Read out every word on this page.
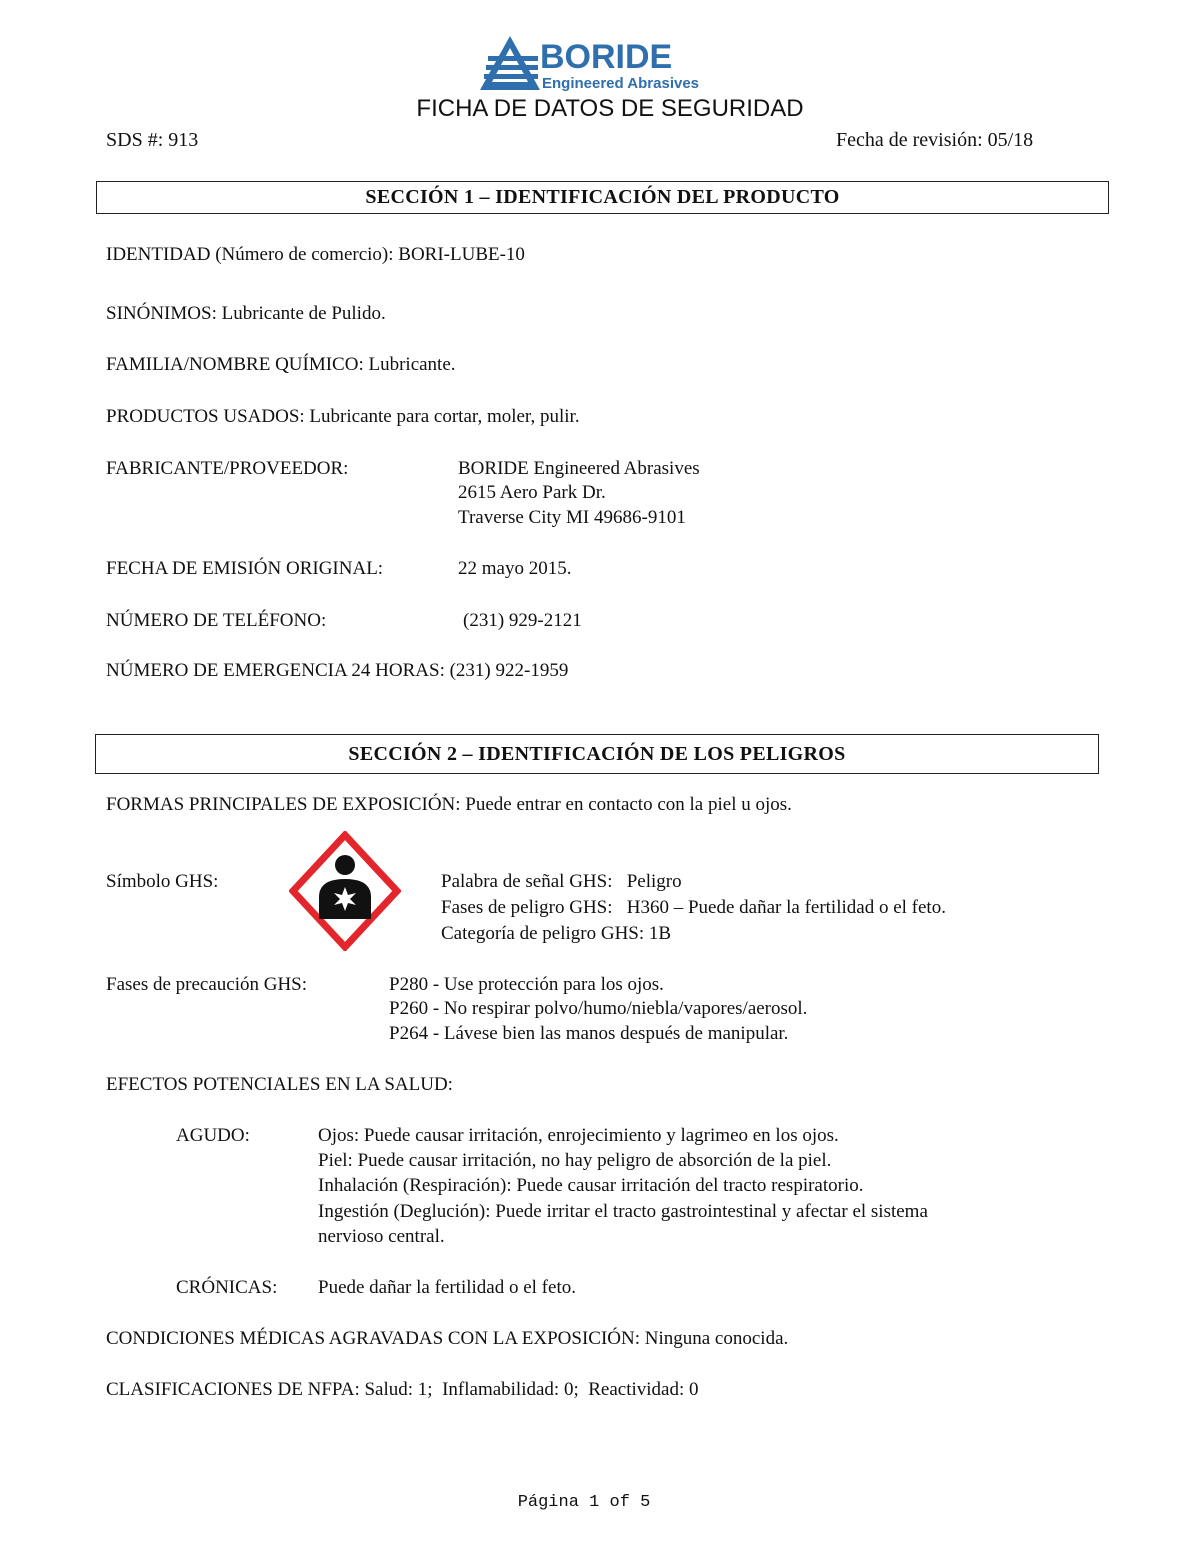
BORIDE
Engineered Abrasives
FICHA DE DATOS DE SEGURIDAD
SDS #: 913	Fecha de revisión: 05/18
SECCIÓN 1 – IDENTIFICACIÓN DEL PRODUCTO
IDENTIDAD (Número de comercio): BORI-LUBE-10
SINÓNIMOS: Lubricante de Pulido.
FAMILIA/NOMBRE QUÍMICO: Lubricante.
PRODUCTOS USADOS: Lubricante para cortar, moler, pulir.
FABRICANTE/PROVEEDOR:	BORIDE Engineered Abrasives
2615 Aero Park Dr.
Traverse City MI 49686-9101
FECHA DE EMISIÓN ORIGINAL:	22 mayo 2015.
NÚMERO DE TELÉFONO:	(231) 929-2121
NÚMERO DE EMERGENCIA 24 HORAS: (231) 922-1959
SECCIÓN 2 – IDENTIFICACIÓN DE LOS PELIGROS
FORMAS PRINCIPALES DE EXPOSICIÓN: Puede entrar en contacto con la piel u ojos.
Símbolo GHS:	Palabra de señal GHS:   Peligro
Fases de peligro GHS:   H360 – Puede dañar la fertilidad o el feto.
Categoría de peligro GHS: 1B
Fases de precaución GHS:	P280 - Use protección para los ojos.
P260 - No respirar polvo/humo/niebla/vapores/aerosol.
P264 - Lávese bien las manos después de manipular.
EFECTOS POTENCIALES EN LA SALUD:
AGUDO:	Ojos: Puede causar irritación, enrojecimiento y lagrimeo en los ojos.
Piel: Puede causar irritación, no hay peligro de absorción de la piel.
Inhalación (Respiración): Puede causar irritación del tracto respiratorio.
Ingestión (Deglución): Puede irritar el tracto gastrointestinal y afectar el sistema
nervioso central.
CRÓNICAS: Puede dañar la fertilidad o el feto.
CONDICIONES MÉDICAS AGRAVADAS CON LA EXPOSICIÓN: Ninguna conocida.
CLASIFICACIONES DE NFPA: Salud: 1;  Inflamabilidad: 0;  Reactividad: 0
Página 1 of 5
